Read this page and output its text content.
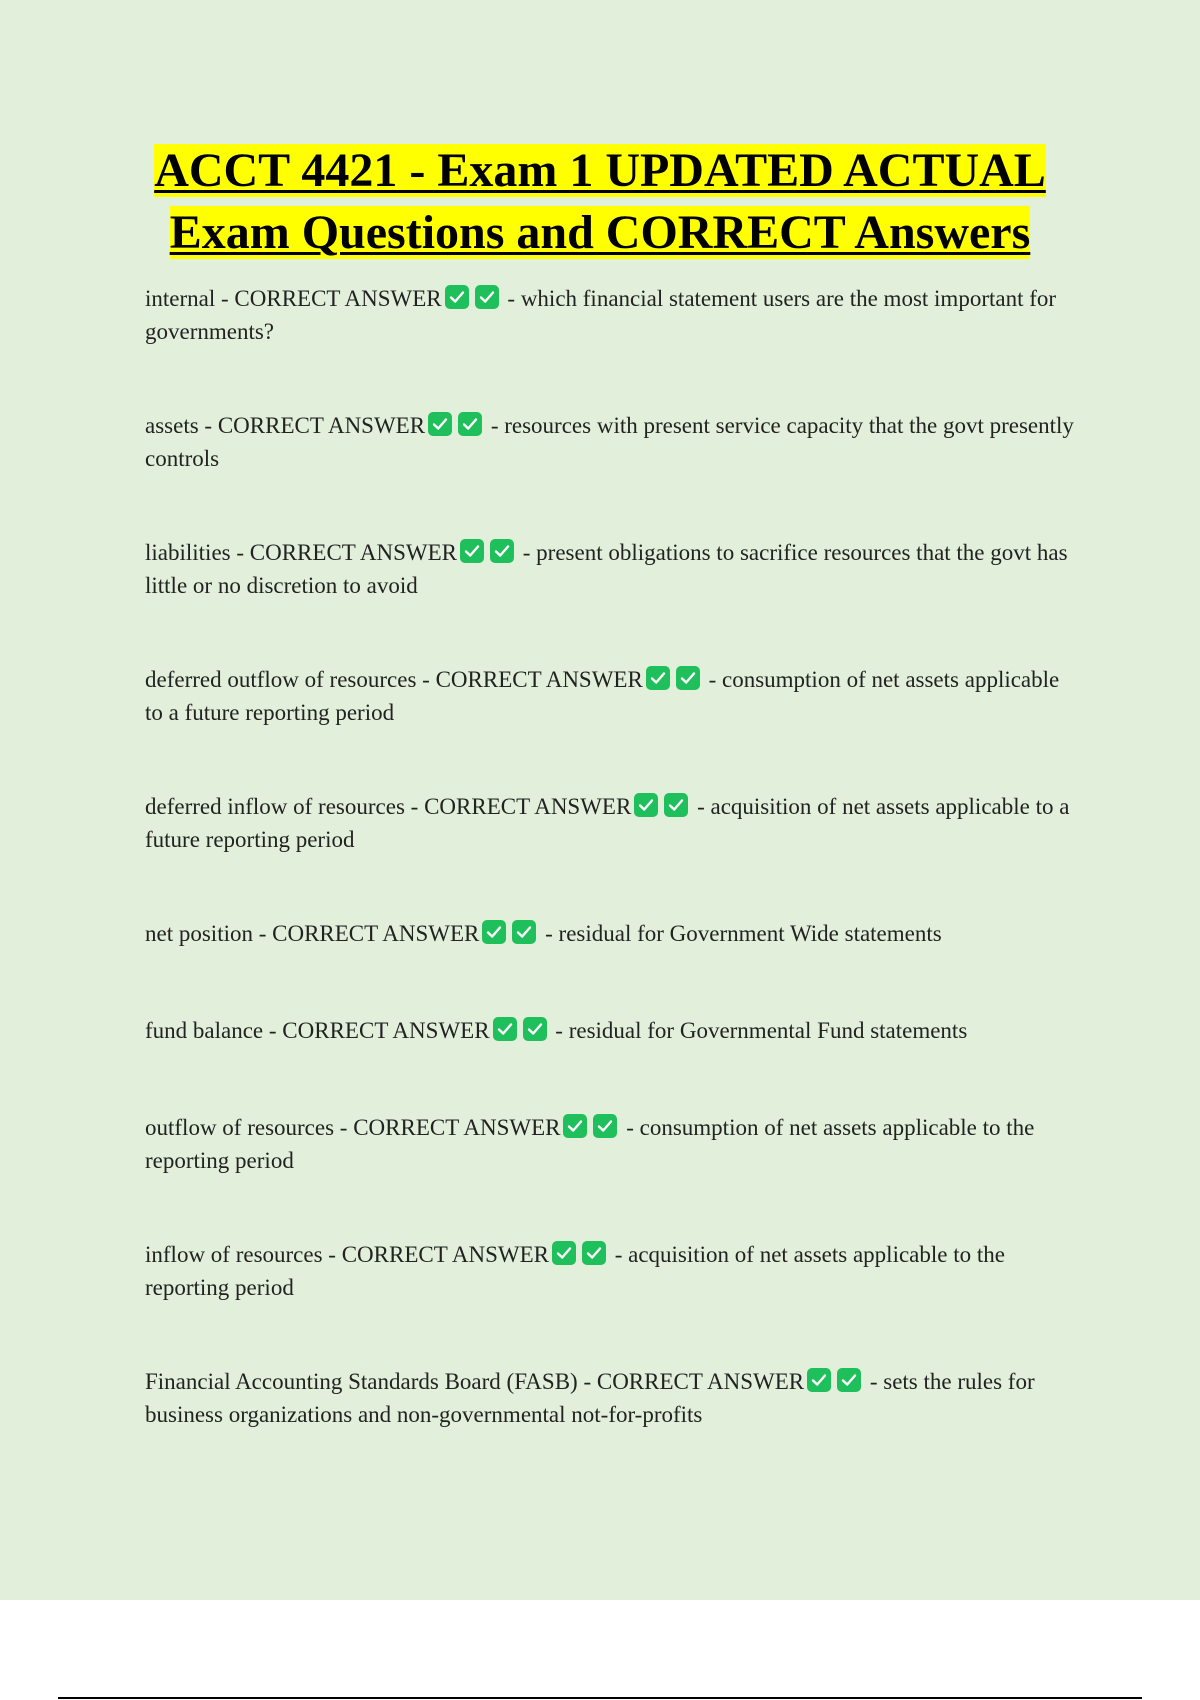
ACCT 4421 - Exam 1 UPDATED ACTUAL
Exam Questions and CORRECT Answers

internal - CORRECT ANSWER	- which financial statement users are the most important for governments?

assets - CORRECT ANSWER	- resources with present service capacity that the govt presently controls

liabilities - CORRECT ANSWER	- present obligations to sacrifice resources that the govt has little or no discretion to avoid

deferred outflow of resources - CORRECT ANSWER	- consumption of net assets applicable to a future reporting period

deferred inflow of resources - CORRECT ANSWER	- acquisition of net assets applicable to a future reporting period

net position - CORRECT ANSWER	- residual for Government Wide statements

fund balance - CORRECT ANSWER	- residual for Governmental Fund statements

outflow of resources - CORRECT ANSWER	- consumption of net assets applicable to the reporting period

inflow of resources - CORRECT ANSWER	- acquisition of net assets applicable to the reporting period

Financial Accounting Standards Board (FASB) - CORRECT ANSWER	- sets the rules for business organizations and non-governmental not-for-profits
